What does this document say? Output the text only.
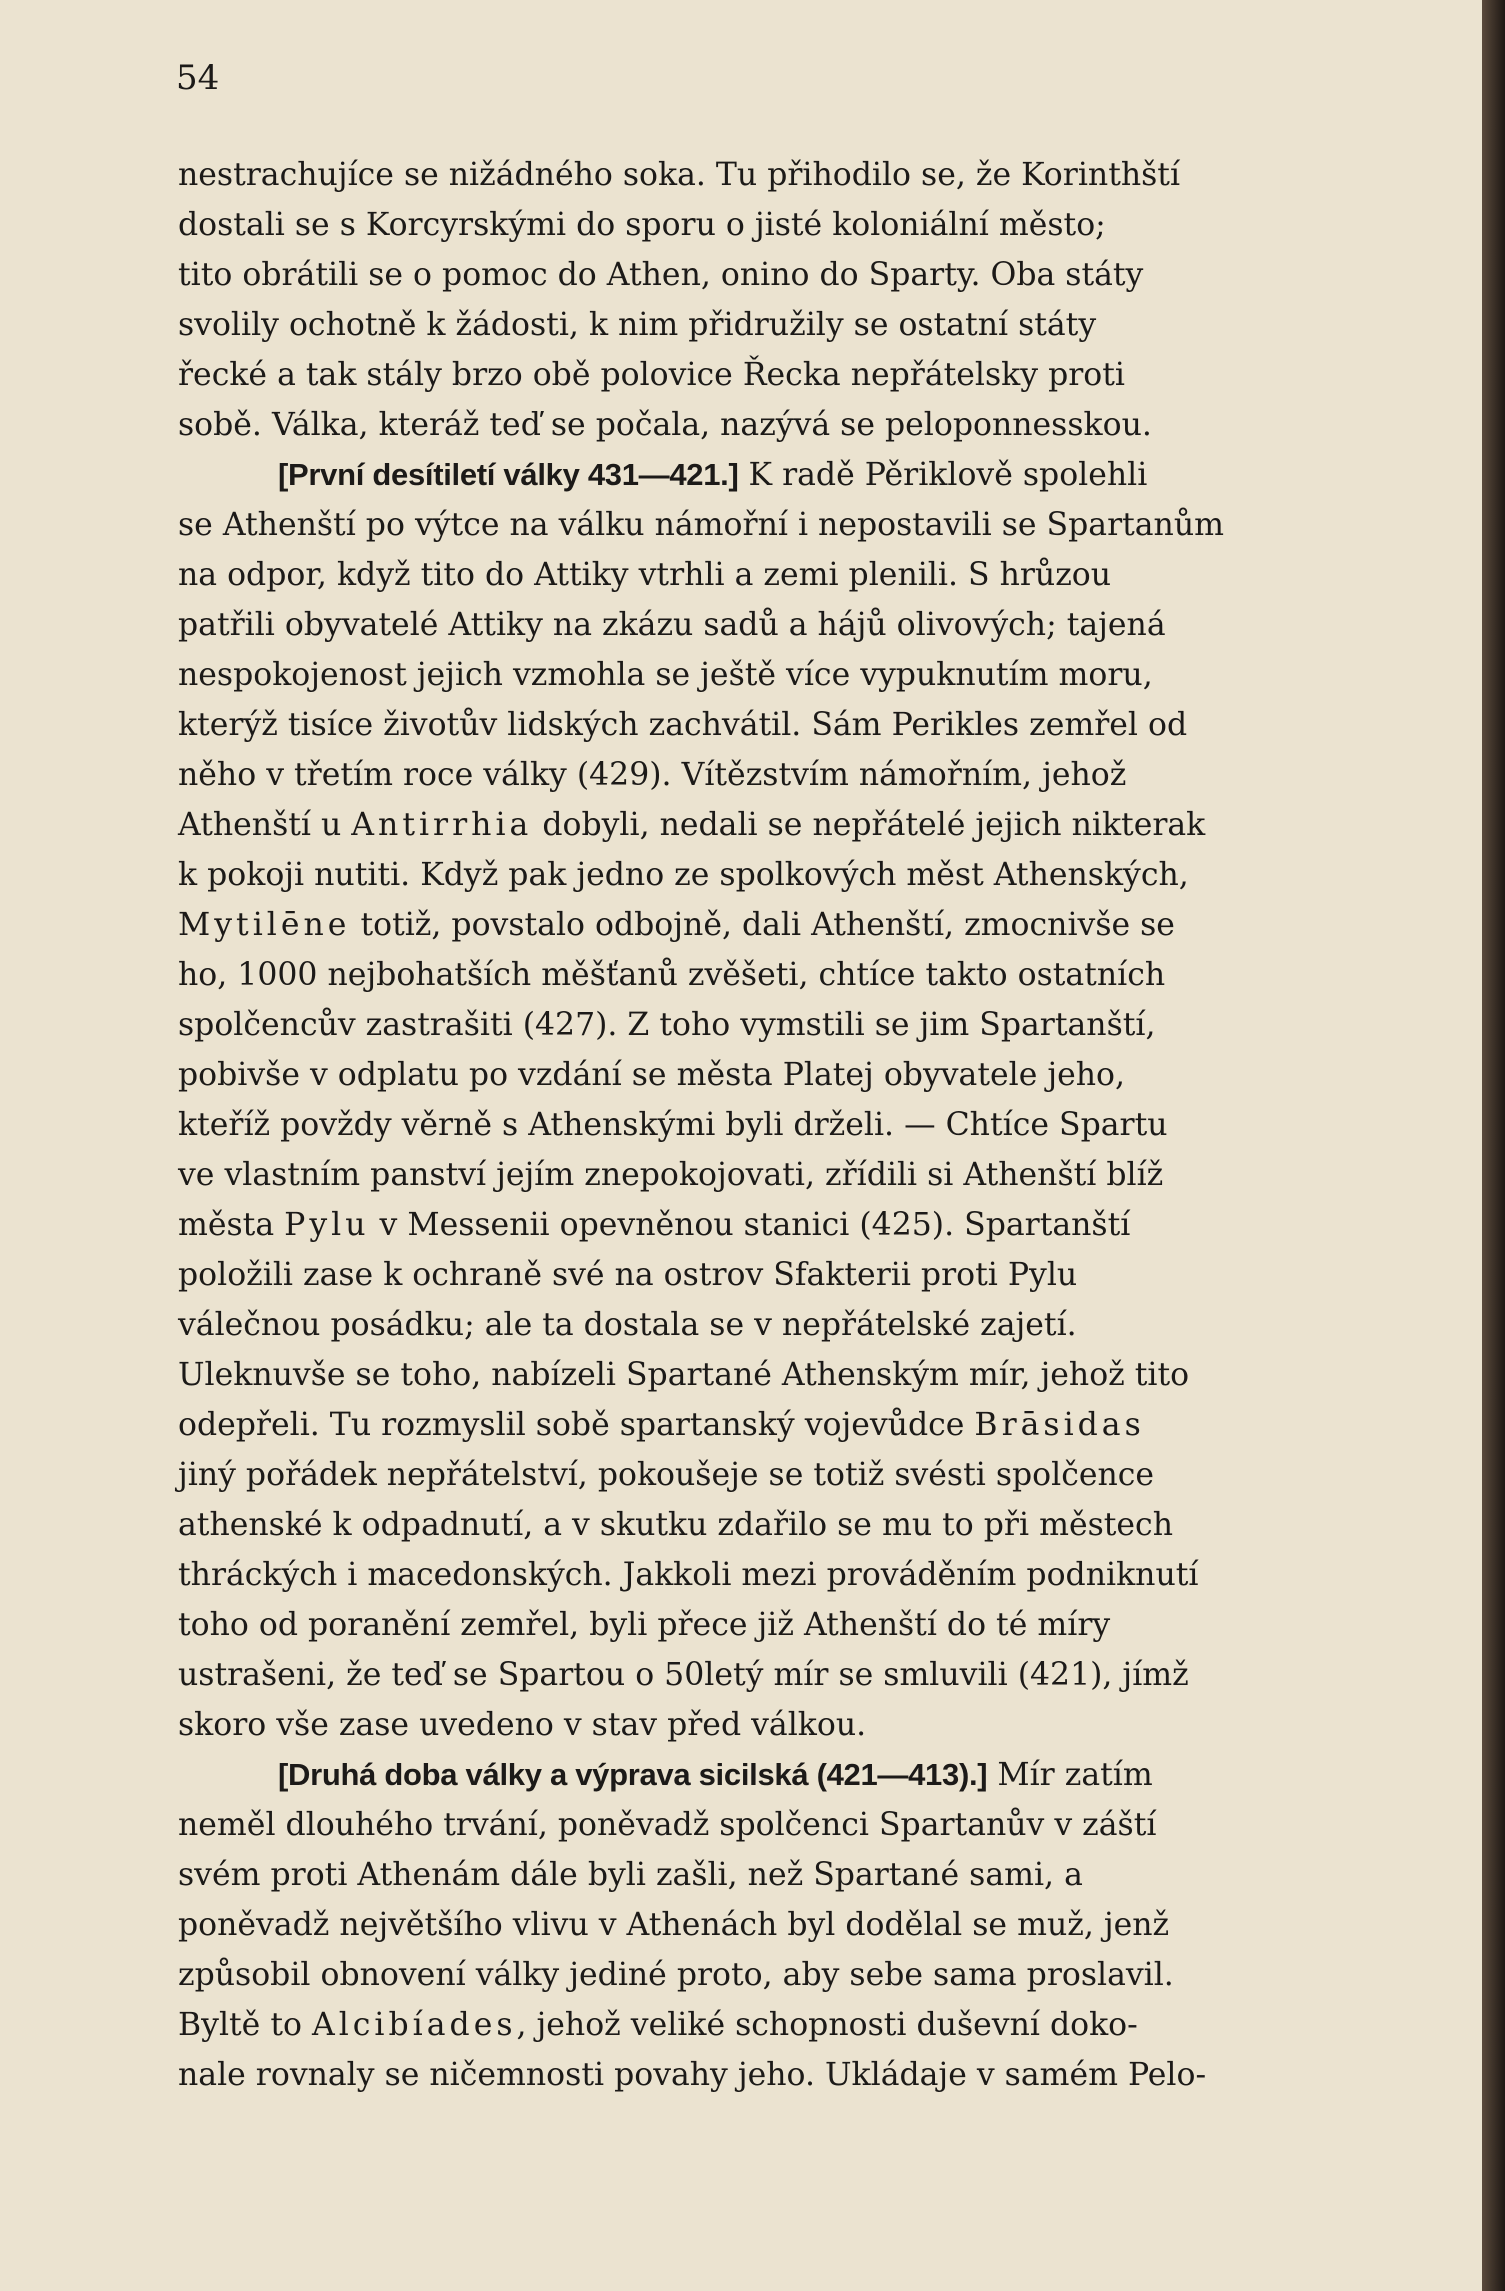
54
nestrachujíce se nižádného soka. Tu přihodilo se, že Korinthští
dostali se s Korcyrskými do sporu o jisté koloniální město;
tito obrátili se o pomoc do Athen, onino do Sparty. Oba státy
svolily ochotně k žádosti, k nim přidružily se ostatní státy
řecké a tak stály brzo obě polovice Řecka nepřátelsky proti
sobě. Válka, kteráž teď se počala, nazývá se peloponnesskou.
[První desítiletí války 431—421.] K radě Pěriklově spolehli
se Athenští po výtce na válku námořní i nepostavili se Spartanům
na odpor, když tito do Attiky vtrhli a zemi plenili. S hrůzou
patřili obyvatelé Attiky na zkázu sadů a hájů olivových; tajená
nespokojenost jejich vzmohla se ještě více vypuknutím moru,
kterýž tisíce životův lidských zachvátil. Sám Perikles zemřel od
něho v třetím roce války (429). Vítězstvím námořním, jehož
Athenští u Antirrhia dobyli, nedali se nepřátelé jejich nikterak
k pokoji nutiti. Když pak jedno ze spolkových měst Athenských,
Mytilēne totiž, povstalo odbojně, dali Athenští, zmocnivše se
ho, 1000 nejbohatších měšťanů zvěšeti, chtíce takto ostatních
spolčencův zastrašiti (427). Z toho vymstili se jim Spartanští,
pobivše v odplatu po vzdání se města Platej obyvatele jeho,
kteříž povždy věrně s Athenskými byli drželi. — Chtíce Spartu
ve vlastním panství jejím znepokojovati, zřídili si Athenští blíž
města Pylu v Messenii opevněnou stanici (425). Spartanští
položili zase k ochraně své na ostrov Sfakterii proti Pylu
válečnou posádku; ale ta dostala se v nepřátelské zajetí.
Uleknuvše se toho, nabízeli Spartané Athenským mír, jehož tito
odepřeli. Tu rozmyslil sobě spartanský vojevůdce Brāsidas
jiný pořádek nepřátelství, pokoušeje se totiž svésti spolčence
athenské k odpadnutí, a v skutku zdařilo se mu to při městech
thráckých i macedonských. Jakkoli mezi prováděním podniknutí
toho od poranění zemřel, byli přece již Athenští do té míry
ustrašeni, že teď se Spartou o 50letý mír se smluvili (421), jímž
skoro vše zase uvedeno v stav před válkou.
[Druhá doba války a výprava sicilská (421—413).] Mír zatím
neměl dlouhého trvání, poněvadž spolčenci Spartanův v záští
svém proti Athenám dále byli zašli, než Spartané sami, a
poněvadž největšího vlivu v Athenách byl dodělal se muž, jenž
způsobil obnovení války jediné proto, aby sebe sama proslavil.
Byltě to Alcibíades, jehož veliké schopnosti duševní doko-
nale rovnaly se ničemnosti povahy jeho. Ukládaje v samém Pelo-
